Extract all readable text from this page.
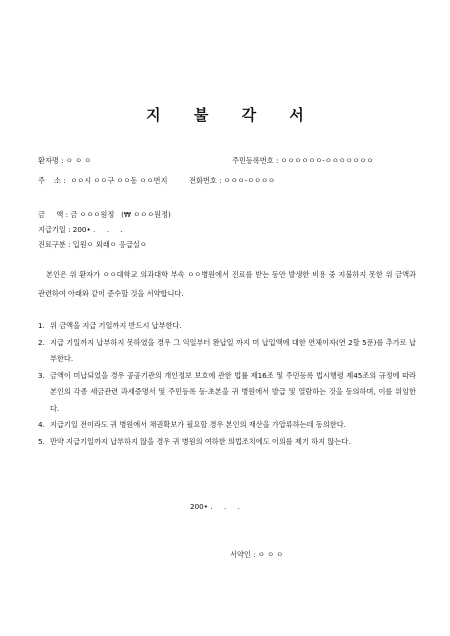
지 불 각 서
환자명 : ㅇ ㅇ ㅇ	주민등록번호 : ㅇㅇㅇㅇㅇㅇ-ㅇㅇㅇㅇㅇㅇㅇ
주    소 :  ㅇㅇ시 ㅇㅇ구 ㅇㅇ동 ㅇㅇ번지	전화번호 : ㅇㅇㅇ-ㅇㅇㅇㅇ
금     액 : 금 ㅇㅇㅇ원정   (₩ ㅇㅇㅇ원정)
지급기일 : 200• .     .     .
진료구분 : 입원ㅇ 외래ㅇ 응급실ㅇ
본인은 위 환자가 ㅇㅇ대학교 의과대학 부속 ㅇㅇ병원에서 진료를 받는 동안 발생한 비용 중 지불하지 못한 위 금액과 관련하여 아래와 같이 준수할 것을 서약합니다.
1. 위 금액을 지급 기일까지 반드시 납부한다.
2. 지급 기일까지 납부하지 못하였을 경우 그 익일부터 완납일 까지 미 납입액에 대한 연체이자(연 2할 5푼)를 추가로 납부한다.
3. 금액이 미납되었을 경우 공공기관의 개인정보 보호에 관한 법률 제16조 및 주민등록 법시행령 제45조의 규정에 따라 본인의 각종 세금관련 과세증명서 및 주민등록 등·초본을 귀 병원에서 발급 및 열람하는 것을 동의하며, 이를 위임한다.
4. 지급기일 전이라도 귀 병원에서 채권확보가 필요할 경우 본인의 재산을 가압류하는데 동의한다.
5. 만약 지급기일까지 납부하지 않을 경우 귀 병원의 여하한 의법조치에도 이의를 제기 하지 않는다.
200• .     .     .
서약인 : ㅇ ㅇ ㅇ
